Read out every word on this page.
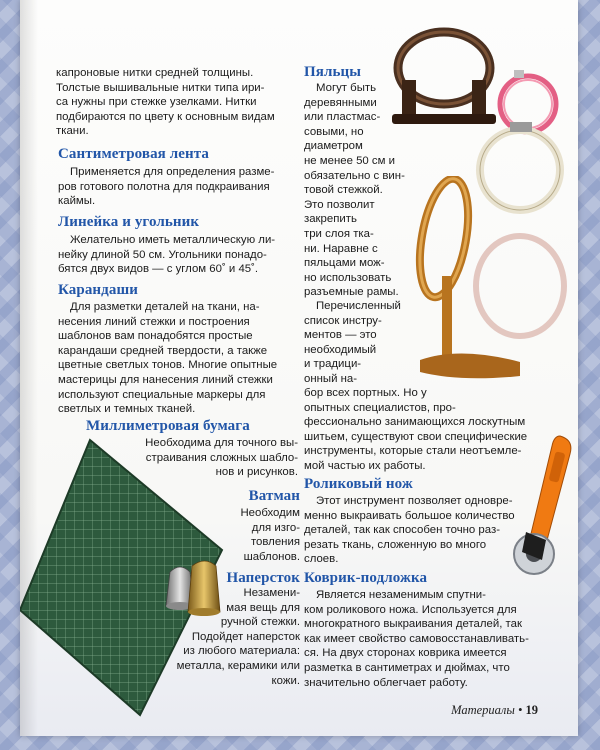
капроновые нитки средней толщины.
Толстые вышивальные нитки типа ири-
са нужны при стежке узелками. Нитки
подбираются по цвету к основным видам
ткани.

Сантиметровая лента

Применяется для определения разме-
ров готового полотна для подкраивания
каймы.

Линейка и угольник

Желательно иметь металлическую ли-
нейку длиной 50 см. Угольники понадо-
бятся двух видов — с углом 60˚ и 45˚.

Карандаши

Для разметки деталей на ткани, на-
несения линий стежки и построения
шаблонов вам понадобятся простые
карандаши средней твердости, а также
цветные светлых тонов. Многие опытные
мастерицы для нанесения линий стежки
используют специальные маркеры для
светлых и темных тканей.

Миллиметровая бумага

Необходима для точного вы-
страивания сложных шабло-
нов и рисунков.

Ватман

Необходим
для изго-
товления
шаблонов.

Наперсток

Незамени-
мая вещь для
ручной стежки.
Подойдет наперсток
из любого материала:
металла, керамики или
кожи.

Пяльцы

Могут быть
деревянными
или пластмас-
совыми, но
диаметром
не менее 50 см и
обязательно с вин-
товой стежкой.
Это позволит
закрепить
три слоя тка-
ни. Наравне с
пяльцами мож-
но использовать
разъемные рамы.

Перечисленный
список инстру-
ментов — это
необходимый
и традици-
онный на-

бор всех портных. Но у
опытных специалистов, про-
фессионально занимающихся лоскутным
шитьем, существуют свои специфические
инструменты, которые стали неотъемле-
мой частью их работы.

Роликовый нож

Этот инструмент позволяет одновре-
менно выкраивать большое количество
деталей, так как способен точно раз-
резать ткань, сложенную во много
слоев.

Коврик-подложка

Является незаменимым спутни-
ком роликового ножа. Используется для
многократного выкраивания деталей, так
как имеет свойство самовосстанавливать-
ся. На двух сторонах коврика имеется
разметка в сантиметрах и дюймах, что
значительно облегчает работу.

Материалы • 19
